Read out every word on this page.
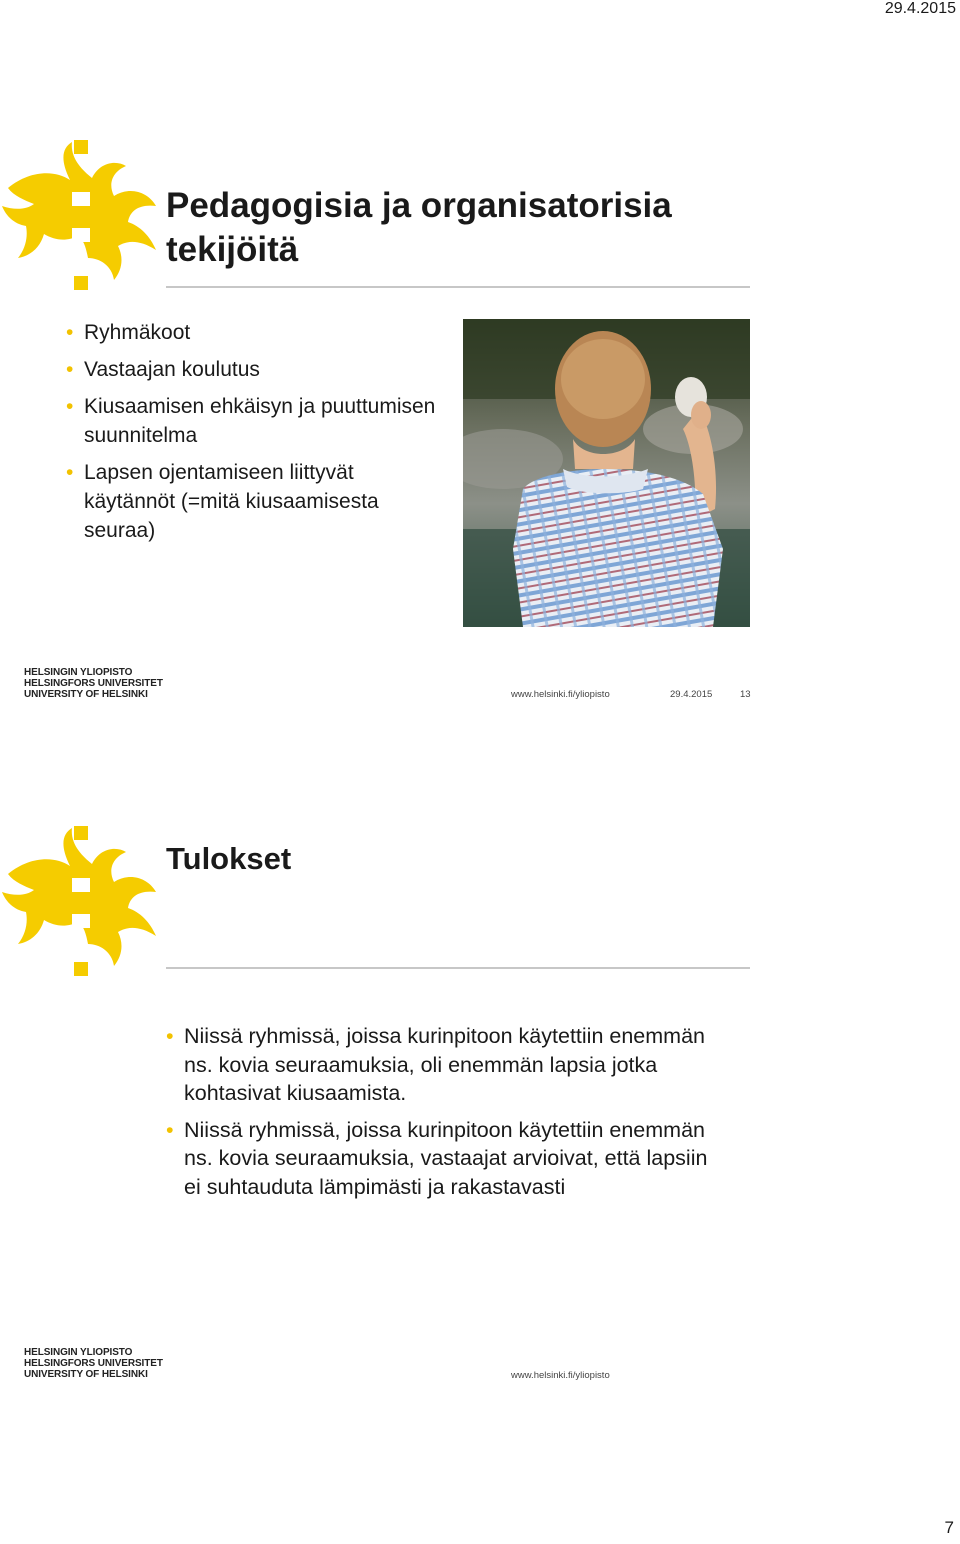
29.4.2015
Pedagogisia ja organisatorisia tekijöitä
• Ryhmäkoot
• Vastaajan koulutus
• Kiusaamisen ehkäisyn ja puuttumisen suunnitelma
• Lapsen ojentamiseen liittyvät käytännöt (=mitä kiusaamisesta seuraa)
HELSINGIN YLIOPISTO
HELSINGFORS UNIVERSITET
UNIVERSITY OF HELSINKI	www.helsinki.fi/yliopisto	29.4.2015	13
Tulokset
• Niissä ryhmissä, joissa kurinpitoon käytettiin enemmän ns. kovia seuraamuksia, oli enemmän lapsia jotka kohtasivat kiusaamista.
• Niissä ryhmissä, joissa kurinpitoon käytettiin enemmän ns. kovia seuraamuksia, vastaajat arvioivat, että lapsiin ei suhtauduta lämpimästi ja rakastavasti
HELSINGIN YLIOPISTO
HELSINGFORS UNIVERSITET
UNIVERSITY OF HELSINKI	www.helsinki.fi/yliopisto
7
